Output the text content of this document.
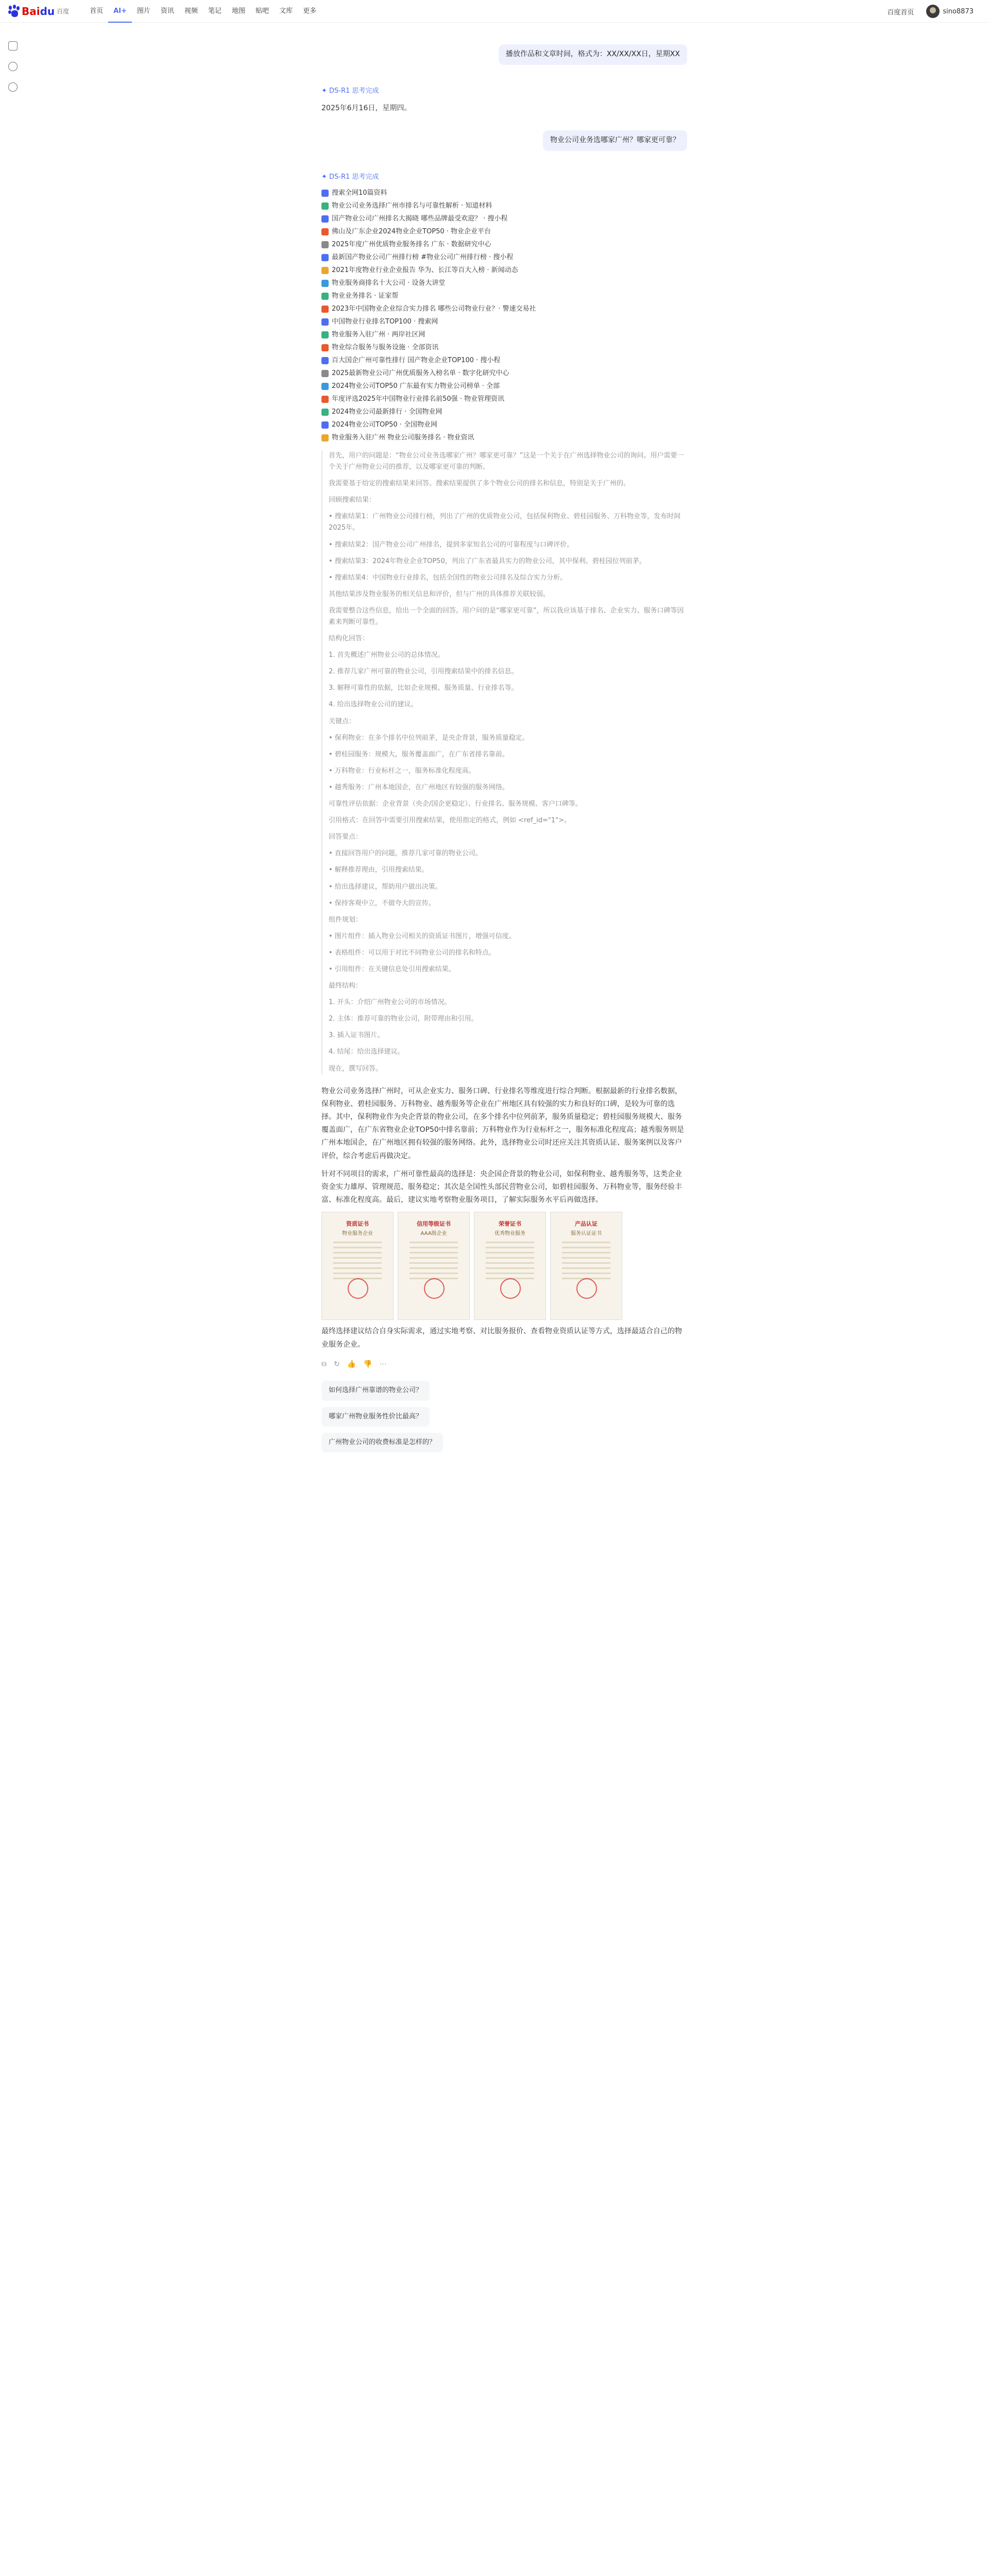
Bai du 百度	首页	AI+	图片	资讯	视频	笔记	地图	贴吧	文库	更多	百度首页	sino8873
播放作品和文章时间，格式为：XX/XX/XX日，星期XX
✦ DS-R1 思考完成

2025年6月16日，星期四。

物业公司业务选哪家广州？哪家更可靠？
✦ DS-R1 思考完成
搜索全网10篇资料
物业公司业务选择广州市排名与可靠性解析 · 知道材料
国产物业公司广州排名大揭晓 哪些品牌最受欢迎？ · 搜小程
佛山及广东企业2024物业企业TOP50 · 物业企业平台
2025年度广州优质物业服务排名 广东 · 数据研究中心
最新国产物业公司广州排行榜 #物业公司广州排行榜 · 搜小程
2021年度物业行业企业报告 华为、长江等百大入榜 · 新闻动态
物业服务商排名十大公司 · 设备大讲堂
物业业务排名 · 证家帮
2023年中国物业企业综合实力排名 哪些公司物业行业？· 警速交易社
中国物业行业排名TOP100 · 搜索网
物业服务入驻广州 · 两岸社区网
物业综合服务与服务设施 · 全部资讯
百大国企广州可靠性排行 国产物业企业TOP100 · 搜小程
2025最新物业公司广州优质服务入榜名单 · 数字化研究中心
2024物业公司TOP50 广东最有实力物业公司榜单 · 全部
年度评选2025年中国物业行业排名前50强 · 物业管理资讯
2024物业公司最新排行 · 全国物业网
2024物业公司TOP50 · 全国物业网
物业服务入驻广州 物业公司服务排名 · 物业资讯

首先，用户的问题是：“物业公司业务选哪家广州？哪家更可靠？”这是一个关于在广州选择物业公司的询问。用户需要一个关于广州物业公司的推荐，以及哪家更可靠的判断。

我需要基于给定的搜索结果来回答。搜索结果提供了多个物业公司的排名和信息，特别是关于广州的。

回顾搜索结果：

• 搜索结果1：广州物业公司排行榜，列出了广州的优质物业公司，包括保利物业、碧桂园服务、万科物业等，发布时间2025年。

• 搜索结果2：国产物业公司广州排名，提到多家知名公司的可靠程度与口碑评价。

• 搜索结果3：2024年物业企业TOP50，列出了广东省最具实力的物业公司，其中保利、碧桂园位列前茅。

• 搜索结果4：中国物业行业排名，包括全国性的物业公司排名及综合实力分析。

其他结果涉及物业服务的相关信息和评价，但与广州的具体推荐关联较弱。

我需要整合这些信息，给出一个全面的回答。用户问的是“哪家更可靠”，所以我应该基于排名、企业实力、服务口碑等因素来判断可靠性。

结构化回答：

1. 首先概述广州物业公司的总体情况。

2. 推荐几家广州可靠的物业公司，引用搜索结果中的排名信息。

3. 解释可靠性的依据，比如企业规模、服务质量、行业排名等。

4. 给出选择物业公司的建议。

关键点：

• 保利物业：在多个排名中位列前茅，是央企背景，服务质量稳定。

• 碧桂园服务：规模大，服务覆盖面广，在广东省排名靠前。

• 万科物业：行业标杆之一，服务标准化程度高。

• 越秀服务：广州本地国企，在广州地区有较强的服务网络。

可靠性评估依据：企业背景（央企/国企更稳定）、行业排名、服务规模、客户口碑等。

引用格式：在回答中需要引用搜索结果，使用指定的格式，例如 <ref_id="1">。

回答要点：

• 直接回答用户的问题，推荐几家可靠的物业公司。

• 解释推荐理由，引用搜索结果。

• 给出选择建议，帮助用户做出决策。

• 保持客观中立，不做夸大的宣传。

组件规划：

• 图片组件：插入物业公司相关的资质证书图片，增强可信度。

• 表格组件：可以用于对比不同物业公司的排名和特点。

• 引用组件：在关键信息处引用搜索结果。

最终结构：

1. 开头：介绍广州物业公司的市场情况。

2. 主体：推荐可靠的物业公司，附带理由和引用。

3. 插入证书图片。

4. 结尾：给出选择建议。

现在，撰写回答。

物业公司业务选择广州时，可从企业实力、服务口碑、行业排名等维度进行综合判断。根据最新的行业排名数据，保利物业、碧桂园服务、万科物业、越秀服务等企业在广州地区具有较强的实力和良好的口碑，是较为可靠的选择。其中，保利物业作为央企背景的物业公司，在多个排名中位列前茅，服务质量稳定；碧桂园服务规模大、服务覆盖面广，在广东省物业企业TOP50中排名靠前；万科物业作为行业标杆之一，服务标准化程度高；越秀服务则是广州本地国企，在广州地区拥有较强的服务网络。此外，选择物业公司时还应关注其资质认证、服务案例以及客户评价，综合考虑后再做决定。

针对不同项目的需求，广州可靠性最高的选择是：央企国企背景的物业公司，如保利物业、越秀服务等，这类企业资金实力雄厚、管理规范、服务稳定；其次是全国性头部民营物业公司，如碧桂园服务、万科物业等，服务经验丰富、标准化程度高。最后，建议实地考察物业服务项目，了解实际服务水平后再做选择。

资质证书
物业服务企业
信用等级证书
AAA级企业
荣誉证书
优秀物业服务
产品认证
服务认证证书

最终选择建议结合自身实际需求，通过实地考察、对比服务报价、查看物业资质认证等方式，选择最适合自己的物业服务企业。

⧉ ↻ 👍 👎 ⋯
如何选择广州靠谱的物业公司？
哪家广州物业服务性价比最高？
广州物业公司的收费标准是怎样的？
